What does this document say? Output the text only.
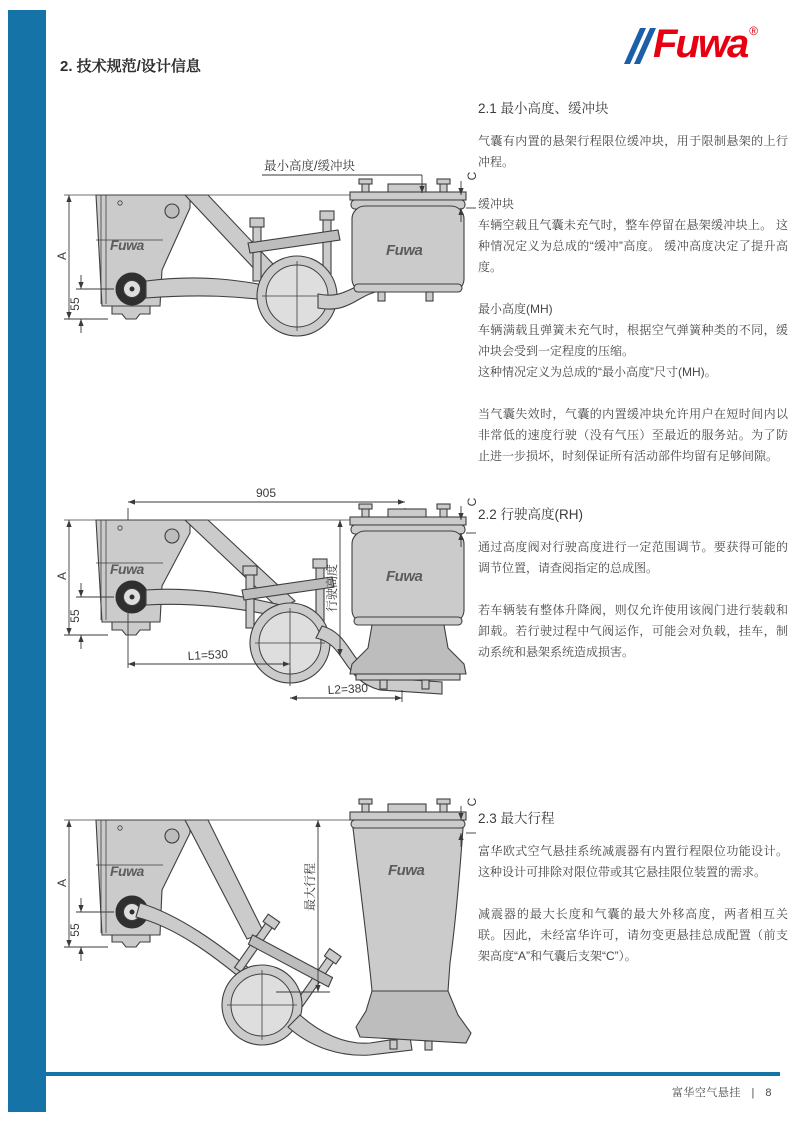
2. 技术规范/设计信息
Fuwa ®
Fuwa	Fuwa
最小高度/缓冲块
A
55
C
905
Fuwa	Fuwa
行驶高度
A
55
C
L1=530
L2=380
Fuwa	Fuwa
最大行程
A
55
C
2.1 最小高度、缓冲块

气囊有内置的悬架行程限位缓冲块，用于限制悬架的上行冲程。

缓冲块

车辆空载且气囊未充气时，整车停留在悬架缓冲块上。 这种情况定义为总成的“缓冲”高度。 缓冲高度决定了提升高度。

最小高度(MH)

车辆满载且弹簧未充气时，根据空气弹簧种类的不同，缓冲块会受到一定程度的压缩。

这种情况定义为总成的“最小高度”尺寸(MH)。

当气囊失效时，气囊的内置缓冲块允许用户在短时间内以非常低的速度行驶（没有气压）至最近的服务站。为了防止进一步损坏，时刻保证所有活动部件均留有足够间隙。

2.2 行驶高度(RH)

通过高度阀对行驶高度进行一定范围调节。要获得可能的调节位置，请查阅指定的总成图。

若车辆装有整体升降阀，则仅允许使用该阀门进行装载和卸载。若行驶过程中气阀运作，可能会对负载，挂车，制动系统和悬架系统造成损害。

2.3 最大行程

富华欧式空气悬挂系统减震器有内置行程限位功能设计。 这种设计可排除对限位带或其它悬挂限位装置的需求。

减震器的最大长度和气囊的最大外移高度，两者相互关联。因此，未经富华许可，请勿变更悬挂总成配置（前支架高度“A”和气囊后支架“C”）。

富华空气悬挂 | 8
